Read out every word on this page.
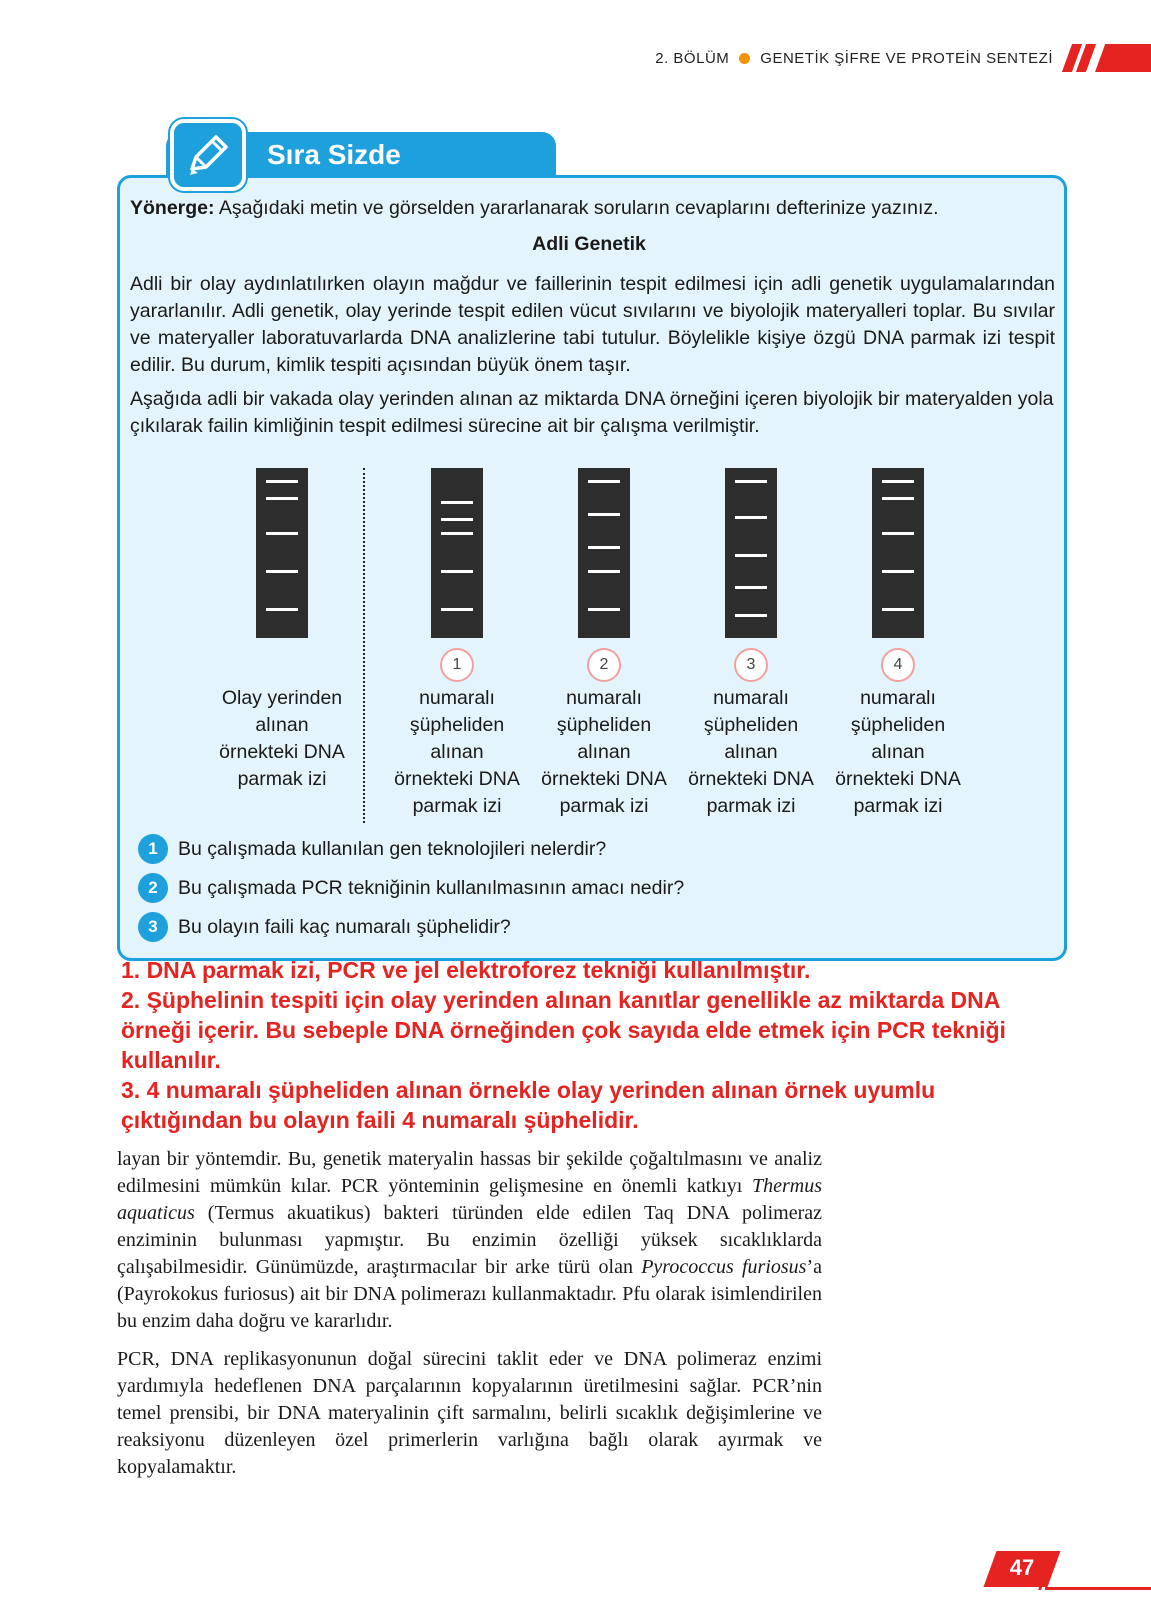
2. BÖLÜM GENETİK ŞİFRE VE PROTEİN SENTEZİ
Sıra Sizde
Yönerge: Aşağıdaki metin ve görselden yararlanarak soruların cevaplarını defterinize yazınız.
Adli Genetik
Adli bir olay aydınlatılırken olayın mağdur ve faillerinin tespit edilmesi için adli genetik uygulamalarından yararlanılır. Adli genetik, olay yerinde tespit edilen vücut sıvılarını ve biyolojik materyalleri toplar. Bu sıvılar ve materyaller laboratuvarlarda DNA analizlerine tabi tutulur. Böylelikle kişiye özgü DNA parmak izi tespit edilir. Bu durum, kimlik tespiti açısından büyük önem taşır.
Aşağıda adli bir vakada olay yerinden alınan az miktarda DNA örneğini içeren biyolojik bir materyalden yola çıkılarak failin kimliğinin tespit edilmesi sürecine ait bir çalışma verilmiştir.
1	2	3	4
Olay yerinden
alınan
örnekteki DNA
parmak izi
numaralı
şüpheliden
alınan
örnekteki DNA
parmak izi
numaralı
şüpheliden
alınan
örnekteki DNA
parmak izi
numaralı
şüpheliden
alınan
örnekteki DNA
parmak izi
numaralı
şüpheliden
alınan
örnekteki DNA
parmak izi
1	Bu çalışmada kullanılan gen teknolojileri nelerdir?
2	Bu çalışmada PCR tekniğinin kullanılmasının amacı nedir?
3	Bu olayın faili kaç numaralı şüphelidir?
1. DNA parmak izi, PCR ve jel elektroforez tekniği kullanılmıştır.
2. Şüphelinin tespiti için olay yerinden alınan kanıtlar genellikle az miktarda DNA örneği içerir. Bu sebeple DNA örneğinden çok sayıda elde etmek için PCR tekniği kullanılır.
3. 4 numaralı şüpheliden alınan örnekle olay yerinden alınan örnek uyumlu çıktığından bu olayın faili 4 numaralı şüphelidir.
layan bir yöntemdir. Bu, genetik materyalin hassas bir şekilde çoğaltılmasını ve analiz edilmesini mümkün kılar. PCR yönteminin gelişmesine en önemli katkıyı Thermus aquaticus (Termus akuatikus) bakteri türünden elde edilen Taq DNA polimeraz enziminin bulunması yapmıştır. Bu enzimin özelliği yüksek sıcaklıklarda çalışabilmesidir. Günümüzde, araştırmacılar bir arke türü olan Pyrococcus furiosus’a (Payrokokus furiosus) ait bir DNA polimerazı kullanmaktadır. Pfu olarak isimlendirilen bu enzim daha doğru ve kararlıdır.
PCR, DNA replikasyonunun doğal sürecini taklit eder ve DNA polimeraz enzimi yardımıyla hedeflenen DNA parçalarının kopyalarının üretilmesini sağlar. PCR’nin temel prensibi, bir DNA materyalinin çift sarmalını, belirli sıcaklık değişimlerine ve reaksiyonu düzenleyen özel primerlerin varlığına bağlı olarak ayırmak ve kopyalamaktır.
47
